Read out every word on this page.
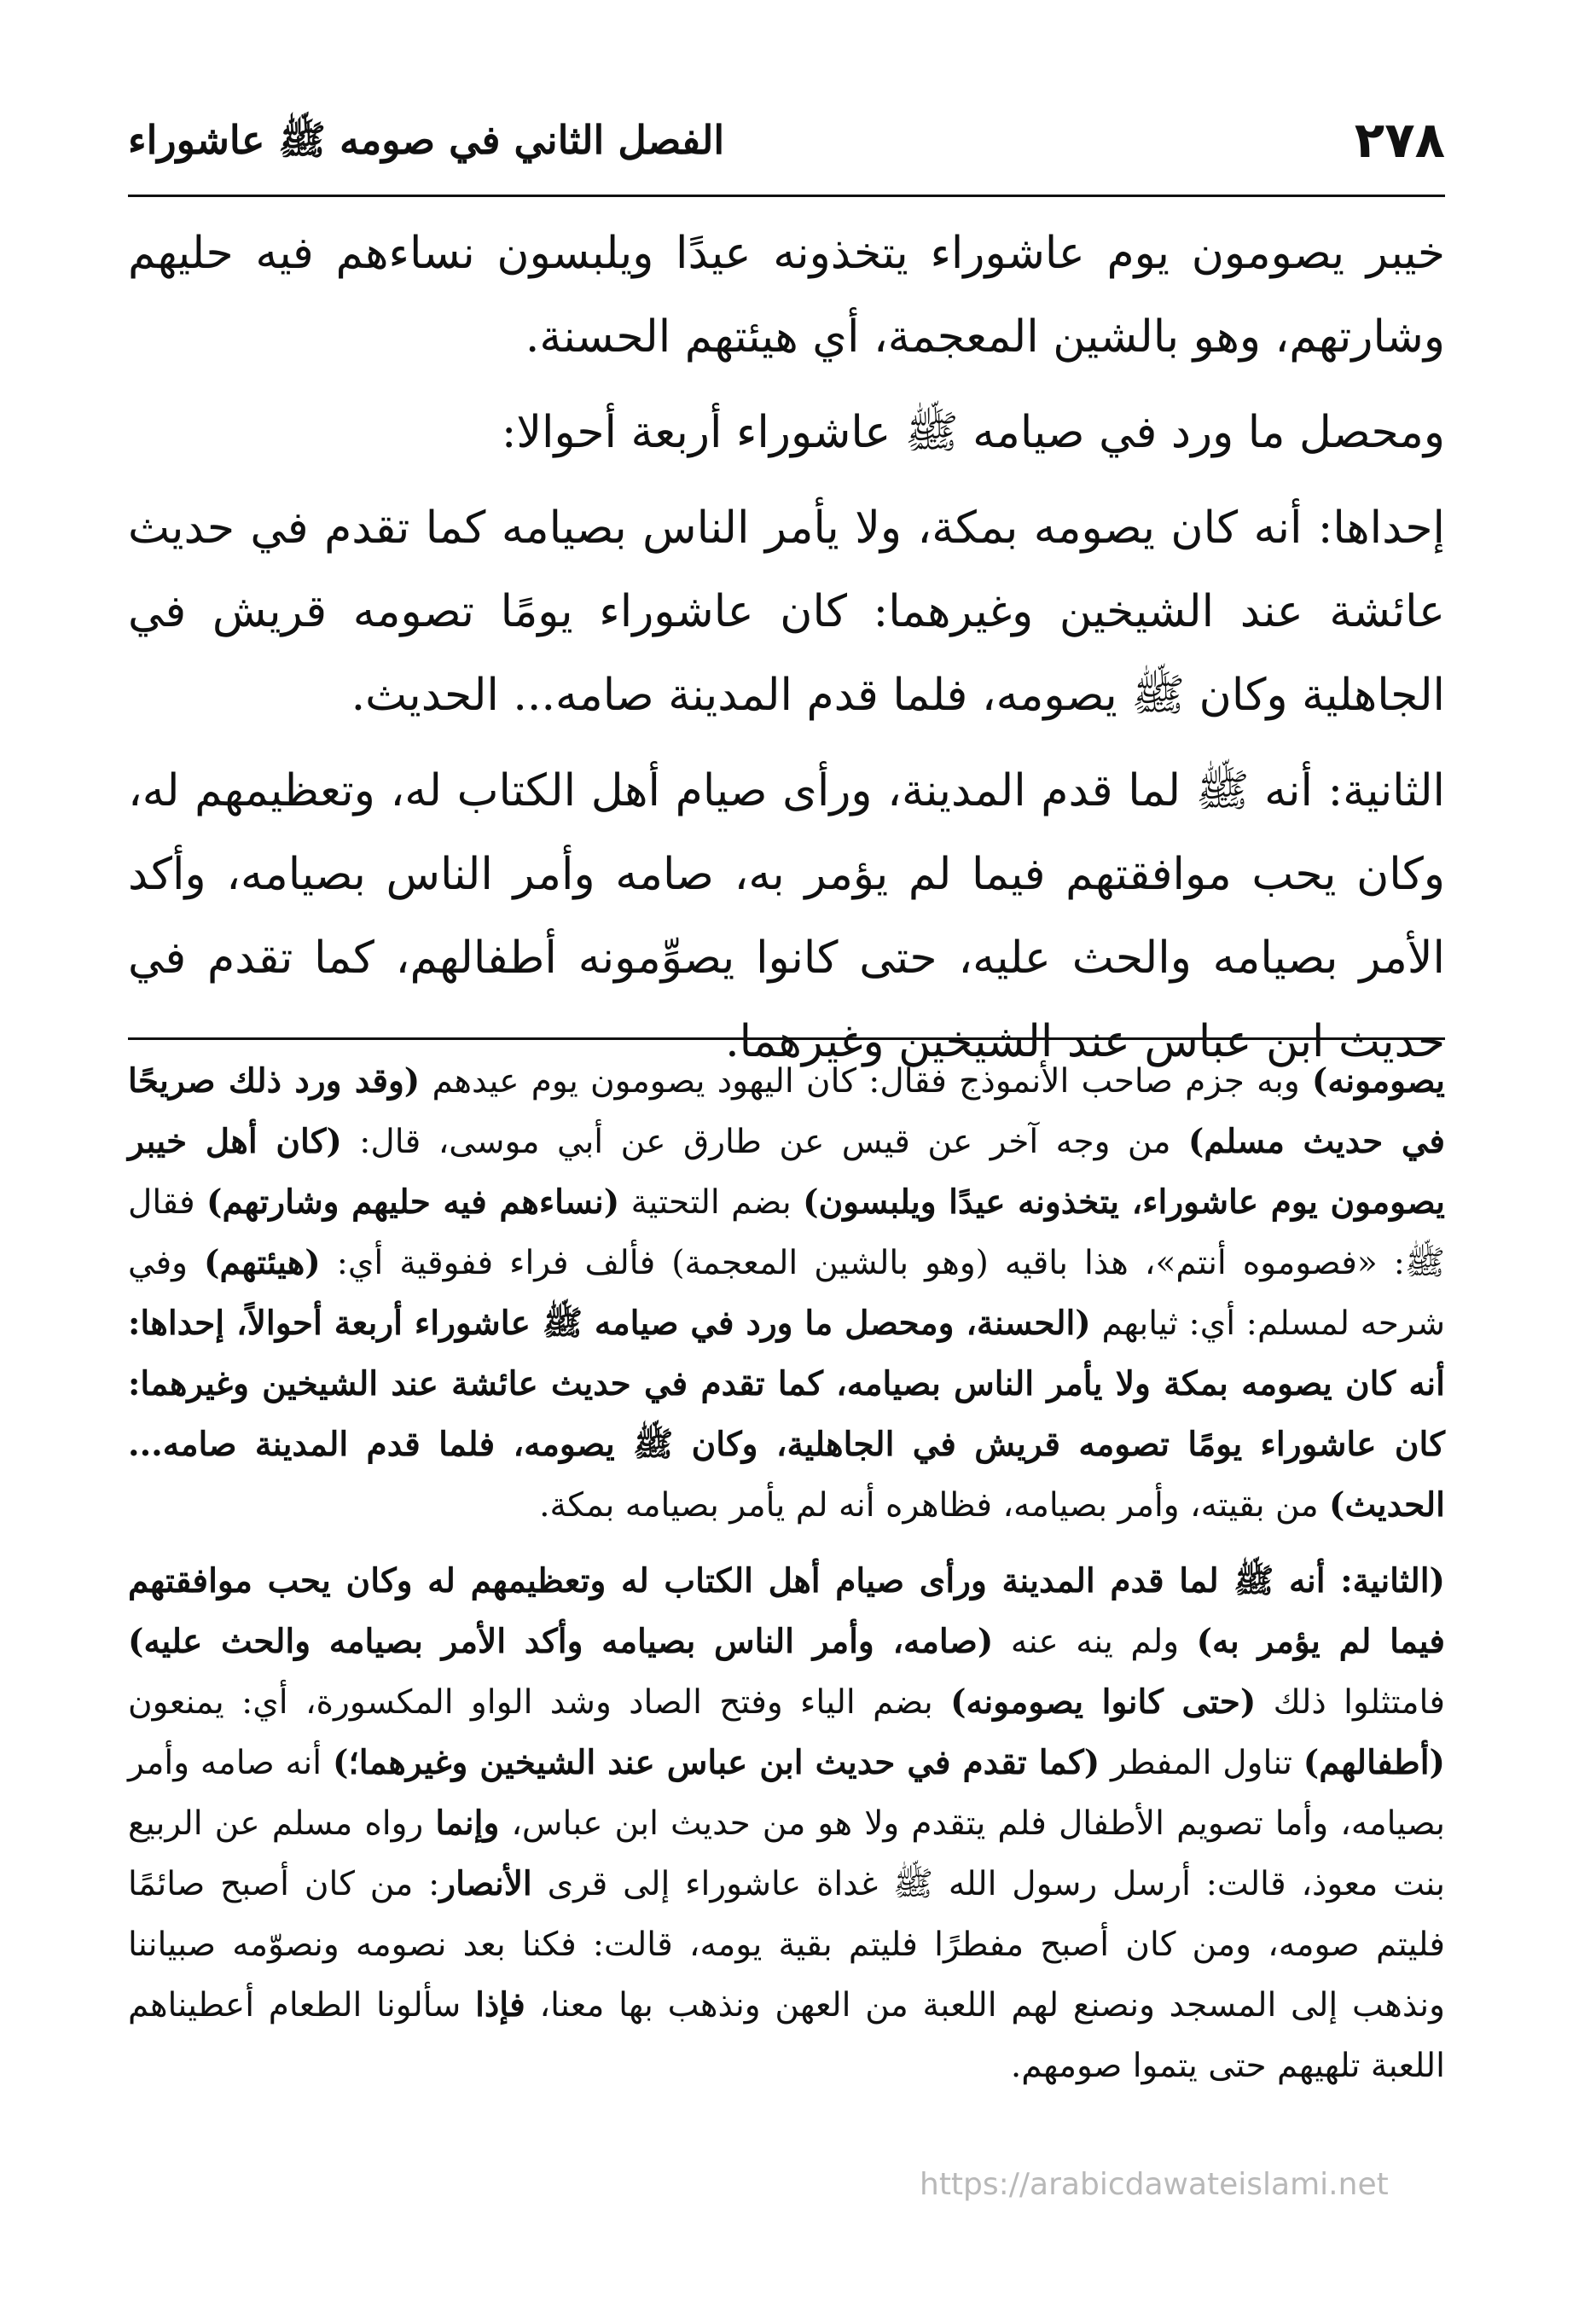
٢٧٨
الفصل الثاني في صومه ﷺ عاشوراء

خيبر يصومون يوم عاشوراء يتخذونه عيدًا ويلبسون نساءهم فيه حليهم وشارتهم، وهو بالشين المعجمة، أي هيئتهم الحسنة.

ومحصل ما ورد في صيامه ﷺ عاشوراء أربعة أحوالا:

إحداها: أنه كان يصومه بمكة، ولا يأمر الناس بصيامه كما تقدم في حديث عائشة عند الشيخين وغيرهما: كان عاشوراء يومًا تصومه قريش في الجاهلية وكان ﷺ يصومه، فلما قدم المدينة صامه... الحديث.

الثانية: أنه ﷺ لما قدم المدينة، ورأى صيام أهل الكتاب له، وتعظيمهم له، وكان يحب موافقتهم فيما لم يؤمر به، صامه وأمر الناس بصيامه، وأكد الأمر بصيامه والحث عليه، حتى كانوا يصوِّمونه أطفالهم، كما تقدم في حديث ابن عباس عند الشيخين وغيرهما.

يصومونه) وبه جزم صاحب الأنموذج فقال: كان اليهود يصومون يوم عيدهم (وقد ورد ذلك صريحًا في حديث مسلم) من وجه آخر عن قيس عن طارق عن أبي موسى، قال: (كان أهل خيبر يصومون يوم عاشوراء، يتخذونه عيدًا ويلبسون) بضم التحتية (نساءهم فيه حليهم وشارتهم) فقال ﷺ: «فصوموه أنتم»، هذا باقيه (وهو بالشين المعجمة) فألف فراء ففوقية أي: (هيئتهم) وفي شرحه لمسلم: أي: ثيابهم (الحسنة، ومحصل ما ورد في صيامه ﷺ عاشوراء أربعة أحوالاً، إحداها: أنه كان يصومه بمكة ولا يأمر الناس بصيامه، كما تقدم في حديث عائشة عند الشيخين وغيرهما: كان عاشوراء يومًا تصومه قريش في الجاهلية، وكان ﷺ يصومه، فلما قدم المدينة صامه... الحديث) من بقيته، وأمر بصيامه، فظاهره أنه لم يأمر بصيامه بمكة.

(الثانية: أنه ﷺ لما قدم المدينة ورأى صيام أهل الكتاب له وتعظيمهم له وكان يحب موافقتهم فيما لم يؤمر به) ولم ينه عنه (صامه، وأمر الناس بصيامه وأكد الأمر بصيامه والحث عليه) فامتثلوا ذلك (حتى كانوا يصومونه) بضم الياء وفتح الصاد وشد الواو المكسورة، أي: يمنعون (أطفالهم) تناول المفطر (كما تقدم في حديث ابن عباس عند الشيخين وغيرهما؛) أنه صامه وأمر بصيامه، وأما تصويم الأطفال فلم يتقدم ولا هو من حديث ابن عباس، وإنما رواه مسلم عن الربيع بنت معوذ، قالت: أرسل رسول الله ﷺ غداة عاشوراء إلى قرى الأنصار: من كان أصبح صائمًا فليتم صومه، ومن كان أصبح مفطرًا فليتم بقية يومه، قالت: فكنا بعد نصومه ونصوّمه صبياننا ونذهب إلى المسجد ونصنع لهم اللعبة من العهن ونذهب بها معنا، فإذا سألونا الطعام أعطيناهم اللعبة تلهيهم حتى يتموا صومهم.

https://arabicdawateislami.net
